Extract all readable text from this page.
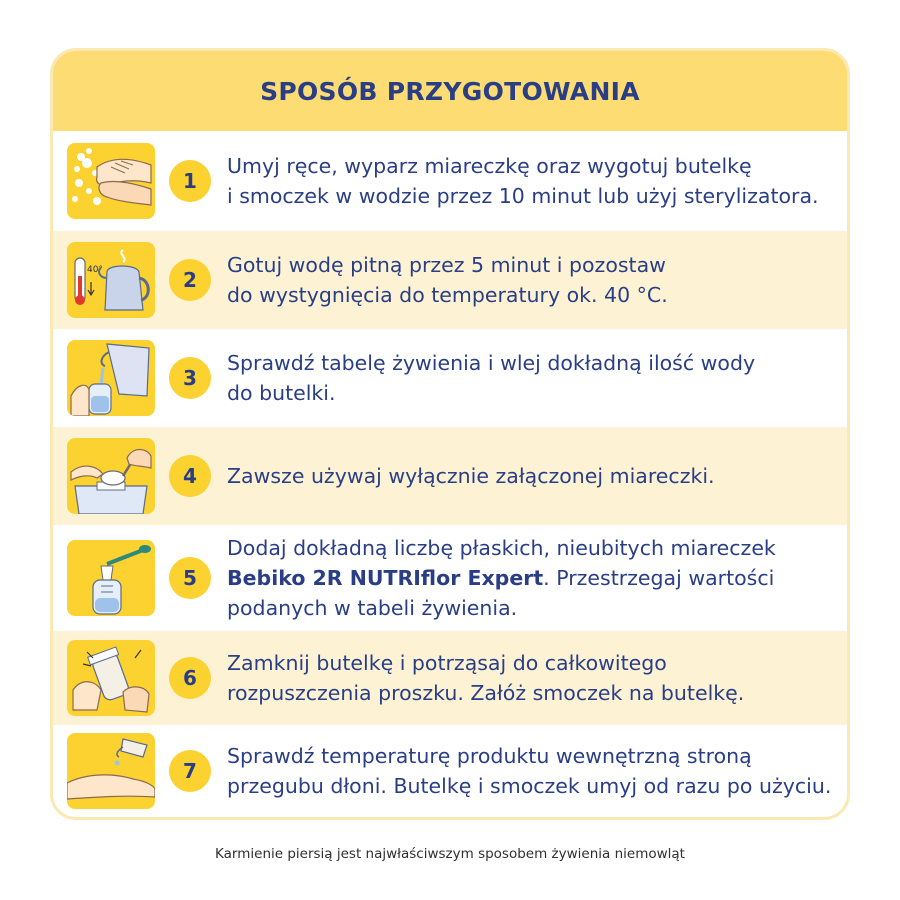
SPOSÓB PRZYGOTOWANIA
1
Umyj ręce, wyparz miareczkę oraz wygotuj butelkę
i smoczek w wodzie przez 10 minut lub użyj sterylizatora.
40°	2
Gotuj wodę pitną przez 5 minut i pozostaw
do wystygnięcia do temperatury ok. 40 °C.
3
Sprawdź tabelę żywienia i wlej dokładną ilość wody
do butelki.
4	Zawsze używaj wyłącznie załączonej miareczki.
5
Dodaj dokładną liczbę płaskich, nieubitych miareczek
Bebiko 2R NUTRIflor Expert. Przestrzegaj wartości
podanych w tabeli żywienia.
6
Zamknij butelkę i potrząsaj do całkowitego
rozpuszczenia proszku. Załóż smoczek na butelkę.
7
Sprawdź temperaturę produktu wewnętrzną stroną
przegubu dłoni. Butelkę i smoczek umyj od razu po użyciu.
Karmienie piersią jest najwłaściwszym sposobem żywienia niemowląt
